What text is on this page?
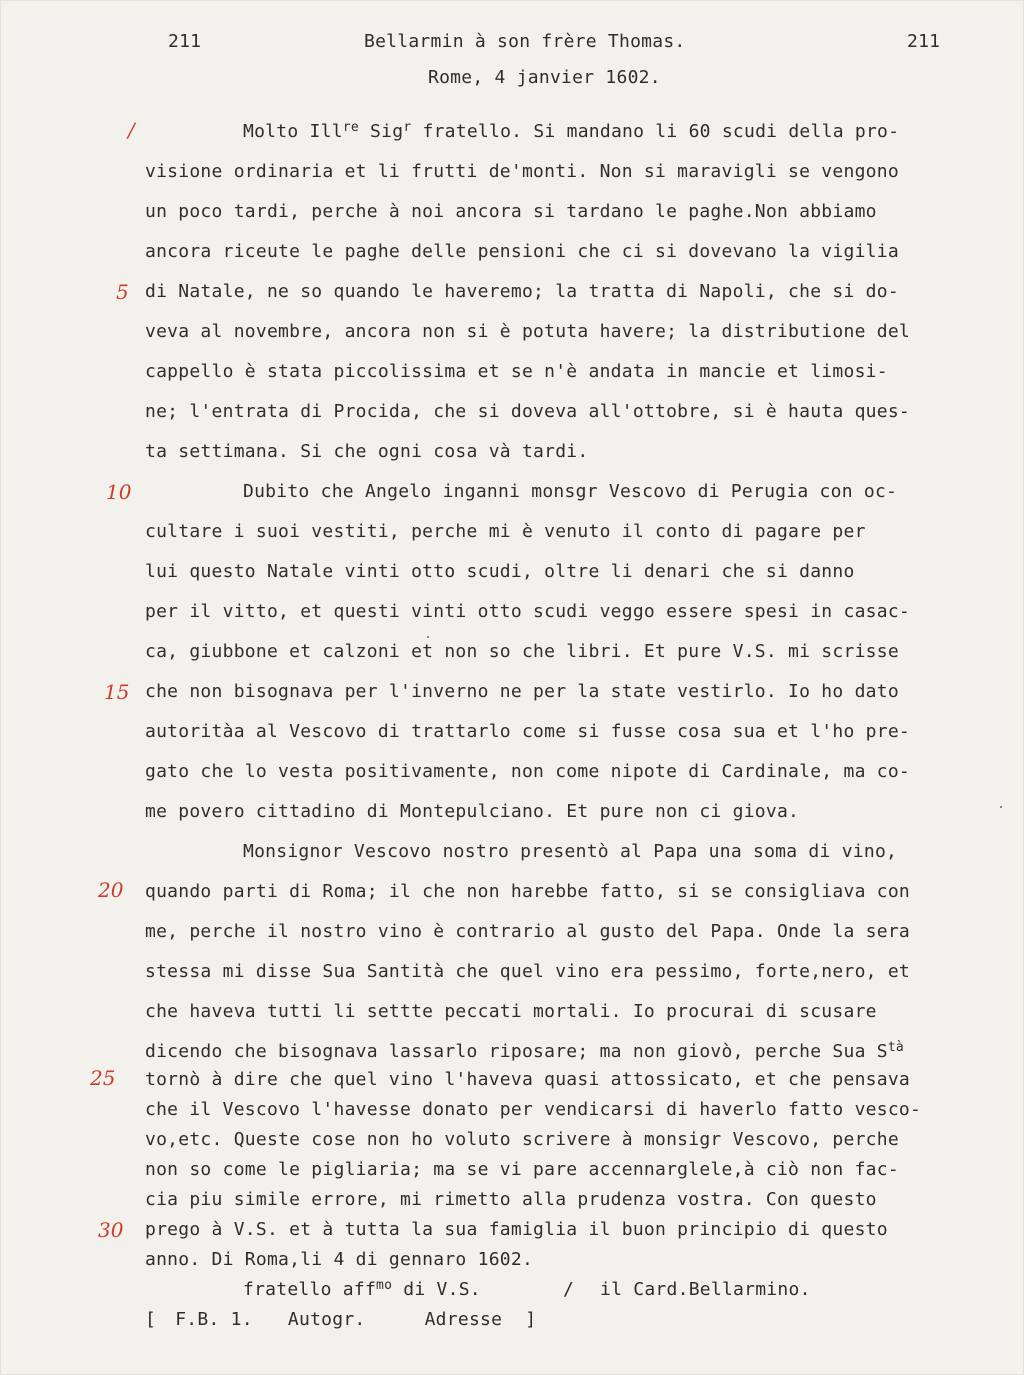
211	Bellarmin à son frère Thomas.	211
Rome, 4 janvier 1602.
/
5
10
15
20
25
30
Molto Ill$^{re}$ Sig$^r$ fratello. Si mandano li 60 scudi della pro-
visione ordinaria et li frutti de'monti. Non si maravigli se vengono
un poco tardi, perche à noi ancora si tardano le paghe.Non abbiamo
ancora riceute le paghe delle pensioni che ci si dovevano la vigilia
di Natale, ne so quando le haveremo; la tratta di Napoli, che si do-
veva al novembre, ancora non si è potuta havere; la distributione del
cappello è stata piccolissima et se n'è andata in mancie et limosi-
ne; l'entrata di Procida, che si doveva all'ottobre, si è hauta ques-
ta settimana. Si che ogni cosa và tardi.
Dubito che Angelo inganni monsgr Vescovo di Perugia con oc-
cultare i suoi vestiti, perche mi è venuto il conto di pagare per
lui questo Natale vinti otto scudi, oltre li denari che si danno
per il vitto, et questi vinti otto scudi veggo essere spesi in casac-
ca, giubbone et calzoni et non so che libri. Et pure V.S. mi scrisse
che non bisognava per l'inverno ne per la state vestirlo. Io ho dato
autoritàa al Vescovo di trattarlo come si fusse cosa sua et l'ho pre-
gato che lo vesta positivamente, non come nipote di Cardinale, ma co-
me povero cittadino di Montepulciano. Et pure non ci giova.
Monsignor Vescovo nostro presentò al Papa una soma di vino,
quando parti di Roma; il che non harebbe fatto, si se consigliava con
me, perche il nostro vino è contrario al gusto del Papa. Onde la sera
stessa mi disse Sua Santità che quel vino era pessimo, forte,nero, et
che haveva tutti li settte peccati mortali. Io procurai di scusare
dicendo che bisognava lassarlo riposare; ma non giovò, perche Sua $S^{tà}$
tornò à dire che quel vino l'haveva quasi attossicato, et che pensava
che il Vescovo l'havesse donato per vendicarsi di haverlo fatto vesco-
vo,etc. Queste cose non ho voluto scrivere à monsigr Vescovo, perche
non so come le pigliaria; ma se vi pare accennarglele,à ciò non fac-
cia piu simile errore, mi rimetto alla prudenza vostra. Con questo
prego à V.S. et à tutta la sua famiglia il buon principio di questo
anno. Di Roma,li 4 di gennaro 1602.
fratello aff$^{mo}$ di V.S.	/ il Card.Bellarmino.
[ F.B. 1. Autogr.	Adresse ]
